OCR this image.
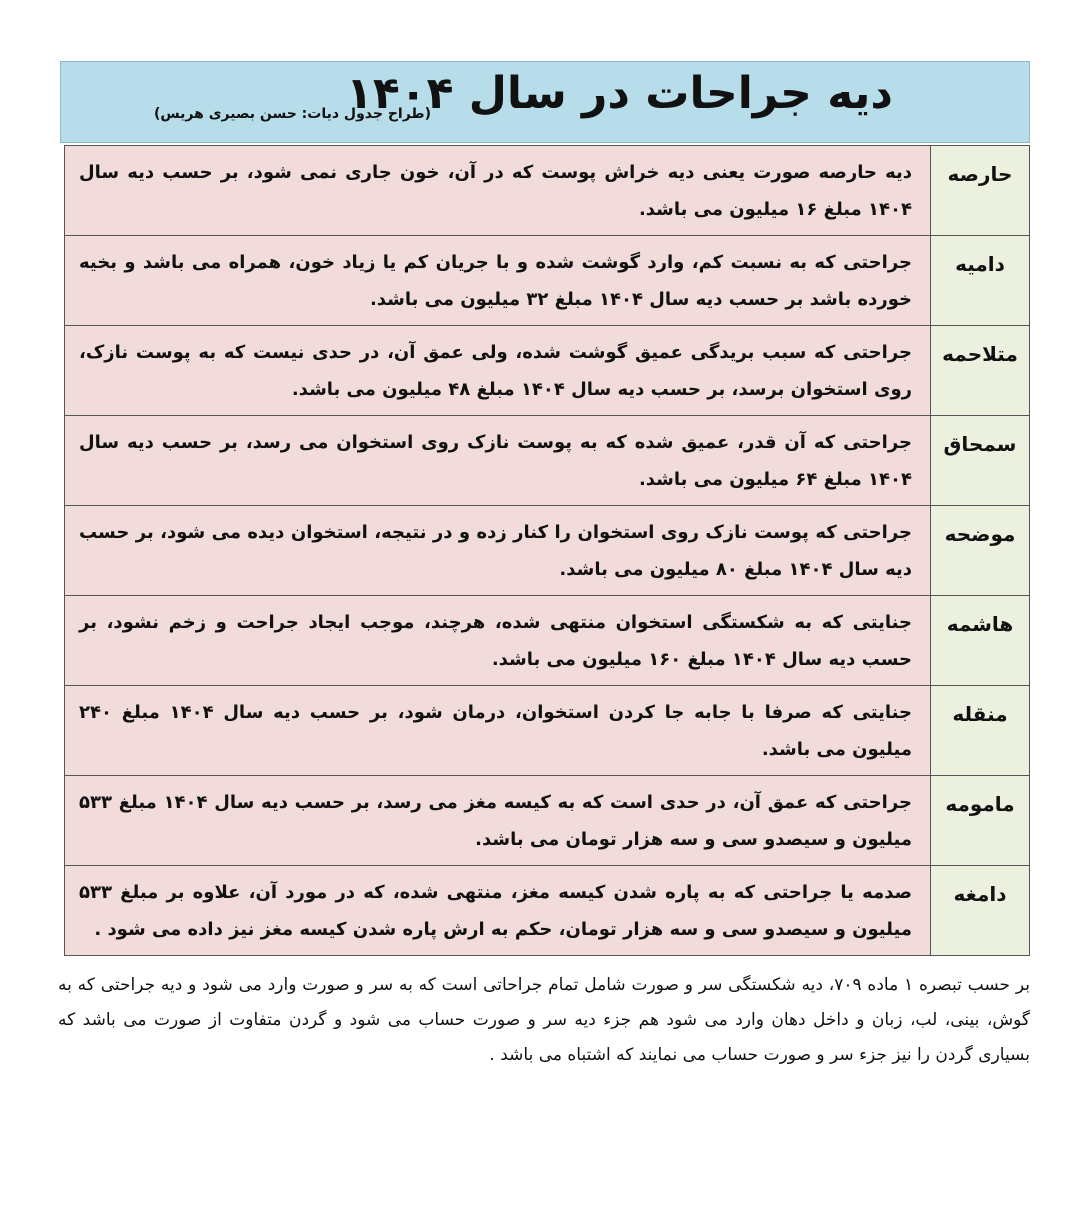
دیه جراحات در سال ۱۴۰۴
(طراح جدول دیات: حسن بصیری هریس)
حارصه	دیه حارصه صورت یعنی دیه خراش پوست که در آن، خون جاری نمی شود، بر حسب دیه سال ۱۴۰۴ مبلغ ۱۶ میلیون می باشد.

دامیه	جراحتی که به نسبت کم، وارد گوشت شده و با جریان کم یا زیاد خون، همراه می باشد و بخیه خورده باشد بر حسب دیه سال ۱۴۰۴ مبلغ ۳۲ میلیون می باشد.

متلاحمه	جراحتی که سبب بریدگی عمیق گوشت شده، ولی عمق آن، در حدی نیست که به پوست نازک، روی استخوان برسد، بر حسب دیه سال ۱۴۰۴ مبلغ ۴۸ میلیون می باشد.

سمحاق	جراحتی که آن قدر، عمیق شده که به پوست نازک روی استخوان می رسد، بر حسب دیه سال ۱۴۰۴ مبلغ ۶۴ میلیون می باشد.

موضحه	جراحتی که پوست نازک روی استخوان را کنار زده و در نتیجه، استخوان دیده می شود، بر حسب دیه سال ۱۴۰۴ مبلغ ۸۰ میلیون می باشد.

هاشمه	جنایتی که به شکستگی استخوان منتهی شده، هرچند، موجب ایجاد جراحت و زخم نشود، بر حسب دیه سال ۱۴۰۴ مبلغ ۱۶۰ میلیون می باشد.

منقله	جنایتی که صرفا با جابه جا کردن استخوان، درمان شود، بر حسب دیه سال ۱۴۰۴ مبلغ ۲۴۰ میلیون می باشد.

مامومه	جراحتی که عمق آن، در حدی است که به کیسه مغز می رسد، بر حسب دیه سال ۱۴۰۴ مبلغ ۵۳۳ میلیون و سیصدو سی و سه هزار تومان می باشد.

دامغه	صدمه یا جراحتی که به پاره شدن کیسه مغز، منتهی شده، که در مورد آن، علاوه بر مبلغ ۵۳۳ میلیون و سیصدو سی و سه هزار تومان، حکم به ارش پاره شدن کیسه مغز نیز داده می شود .
بر حسب تبصره ۱ ماده ۷۰۹، دیه شکستگی سر و صورت شامل تمام جراحاتی است که به سر و صورت وارد می شود و دیه جراحتی که به گوش، بینی، لب، زبان و داخل دهان وارد می شود هم جزء دیه سر و صورت حساب می شود و گردن متفاوت از صورت می باشد که بسیاری گردن را نیز جزء سر و صورت حساب می نمایند که اشتباه می باشد .
